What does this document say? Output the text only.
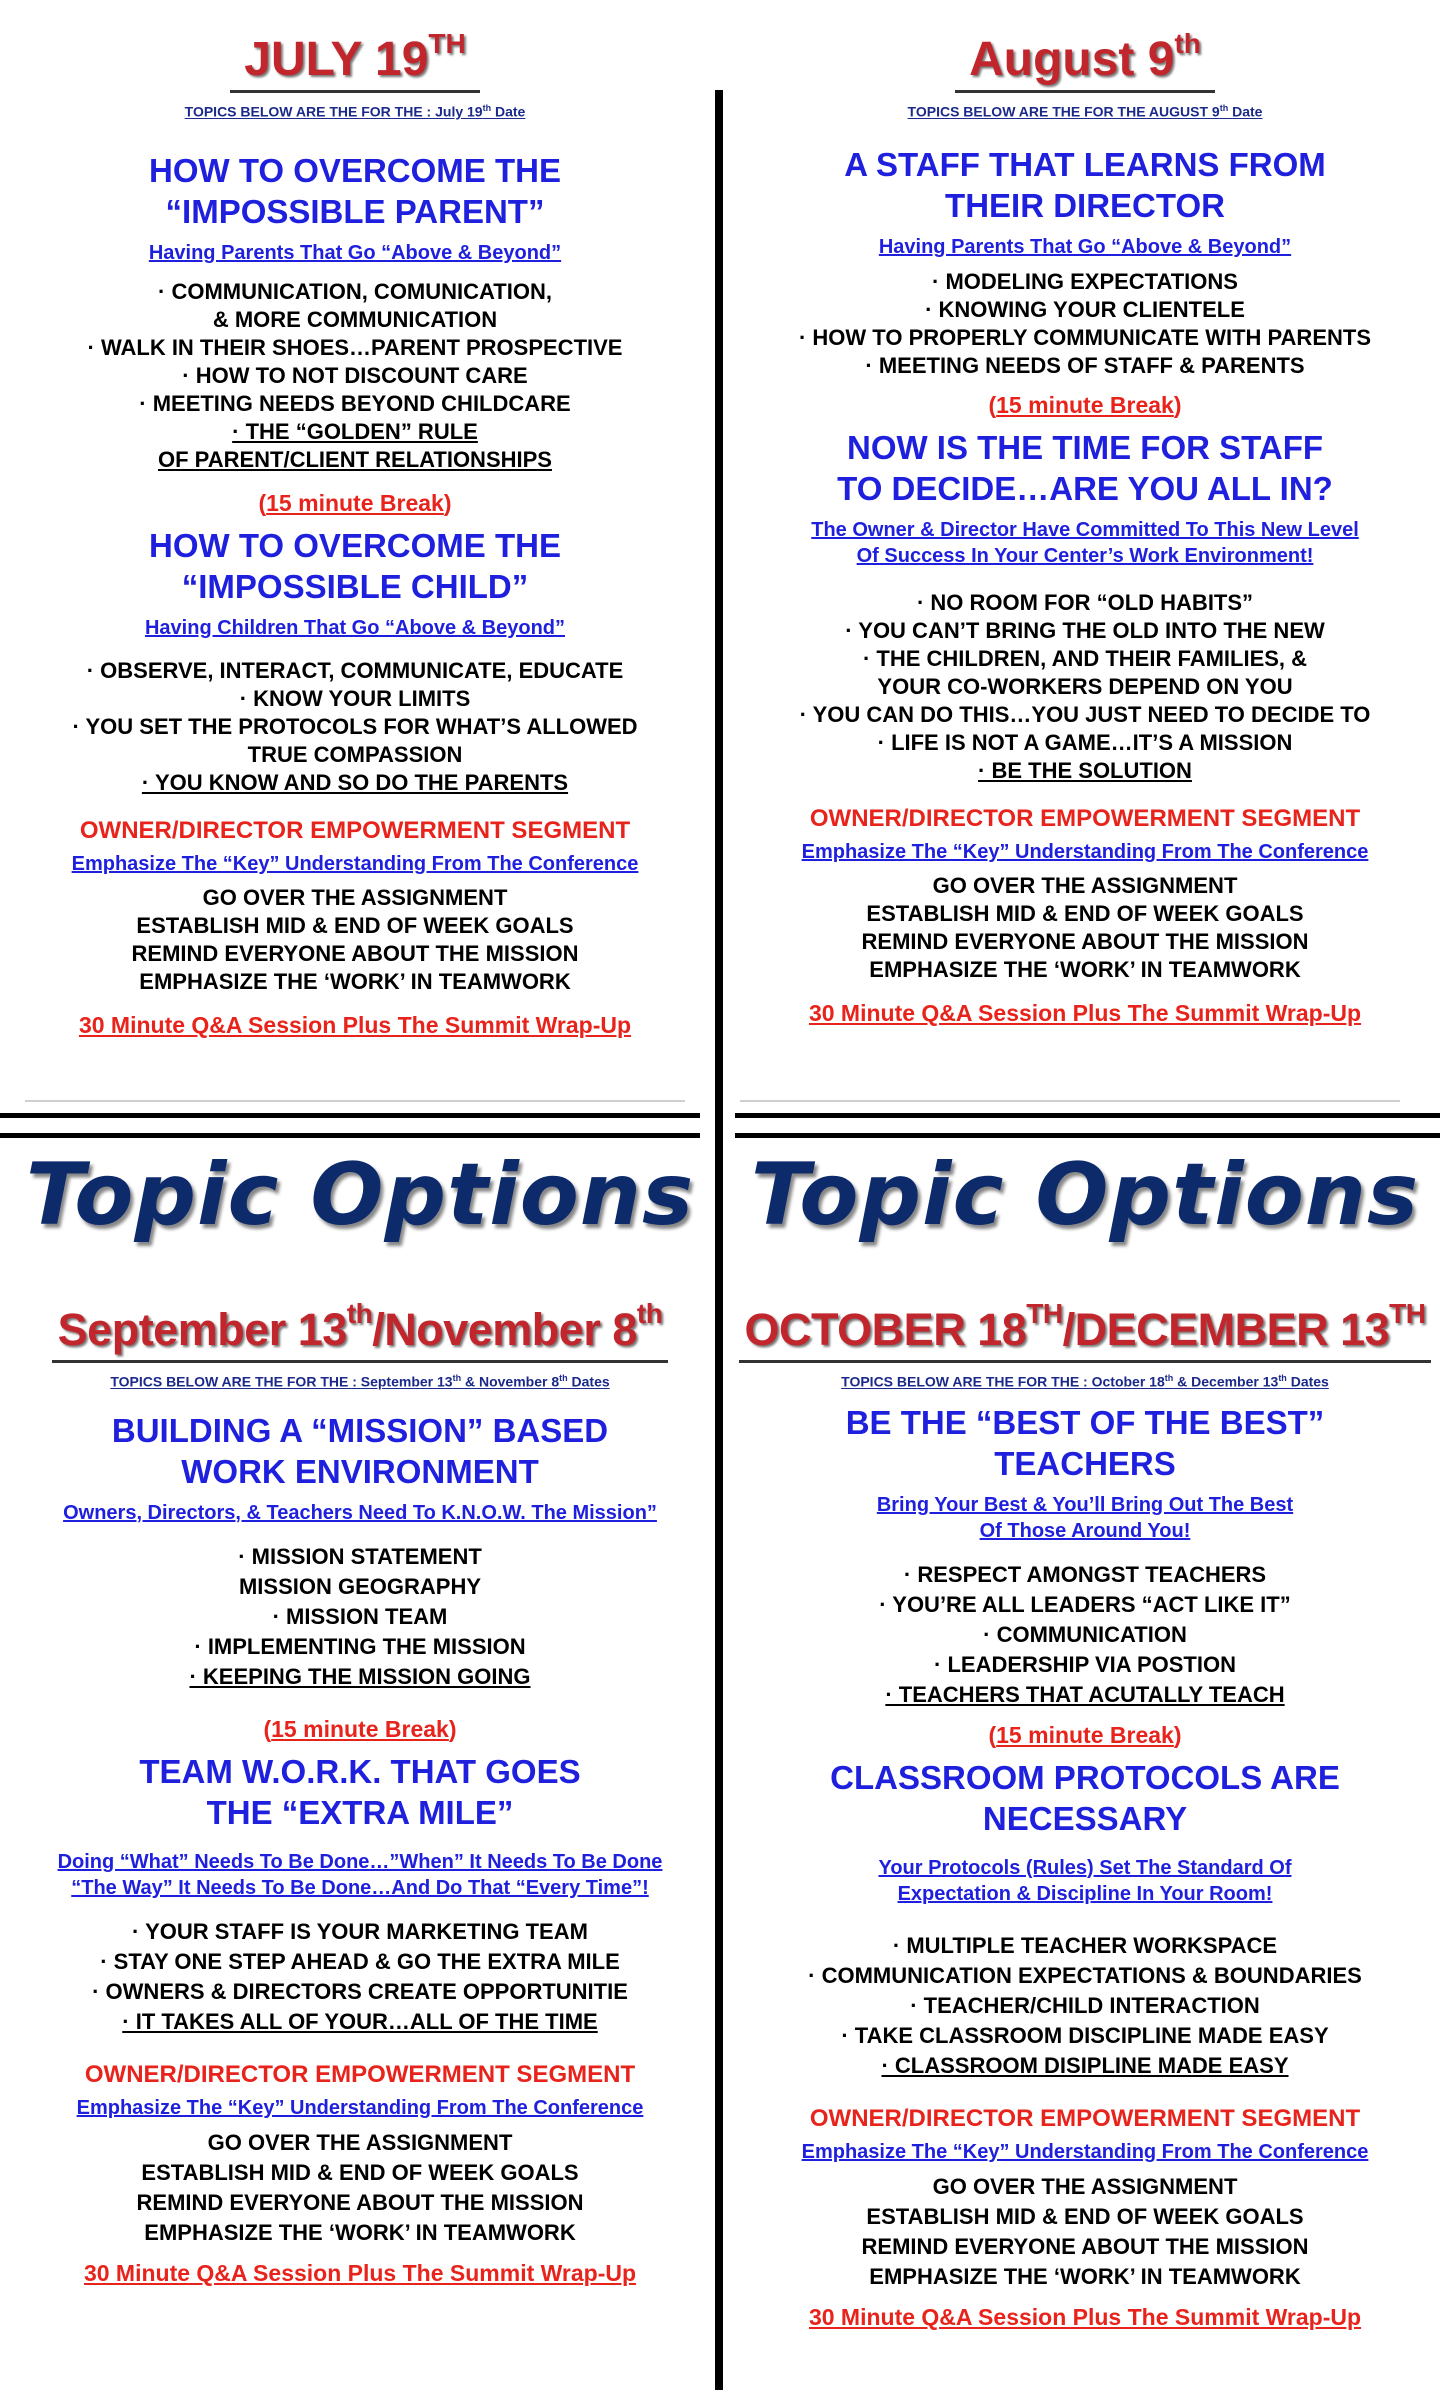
Topic Options Topic Options
JULY 19TH
TOPICS BELOW ARE THE FOR THE : July 19th Date
HOW TO OVERCOME THE
“IMPOSSIBLE PARENT”
Having Parents That Go “Above & Beyond”
· COMMUNICATION, COMUNICATION,
& MORE COMMUNICATION
· WALK IN THEIR SHOES…PARENT PROSPECTIVE
· HOW TO NOT DISCOUNT CARE
· MEETING NEEDS BEYOND CHILDCARE
· THE “GOLDEN” RULE
OF PARENT/CLIENT RELATIONSHIPS
(15 minute Break)
HOW TO OVERCOME THE
“IMPOSSIBLE CHILD”
Having Children That Go “Above & Beyond”
· OBSERVE, INTERACT, COMMUNICATE, EDUCATE
· KNOW YOUR LIMITS
· YOU SET THE PROTOCOLS FOR WHAT’S ALLOWED
TRUE COMPASSION
· YOU KNOW AND SO DO THE PARENTS
OWNER/DIRECTOR EMPOWERMENT SEGMENT
Emphasize The “Key” Understanding From The Conference
GO OVER THE ASSIGNMENT
ESTABLISH MID & END OF WEEK GOALS
REMIND EVERYONE ABOUT THE MISSION
EMPHASIZE THE ‘WORK’ IN TEAMWORK
30 Minute Q&A Session Plus The Summit Wrap-Up
August 9th
TOPICS BELOW ARE THE FOR THE AUGUST 9th Date
A STAFF THAT LEARNS FROM
THEIR DIRECTOR
Having Parents That Go “Above & Beyond”
· MODELING EXPECTATIONS
· KNOWING YOUR CLIENTELE
· HOW TO PROPERLY COMMUNICATE WITH PARENTS
· MEETING NEEDS OF STAFF & PARENTS
(15 minute Break)
NOW IS THE TIME FOR STAFF
TO DECIDE…ARE YOU ALL IN?
The Owner & Director Have Committed To This New Level
Of Success In Your Center’s Work Environment!
· NO ROOM FOR “OLD HABITS”
· YOU CAN’T BRING THE OLD INTO THE NEW
· THE CHILDREN, AND THEIR FAMILIES, &
YOUR CO-WORKERS DEPEND ON YOU
· YOU CAN DO THIS…YOU JUST NEED TO DECIDE TO
· LIFE IS NOT A GAME…IT’S A MISSION
· BE THE SOLUTION
OWNER/DIRECTOR EMPOWERMENT SEGMENT
Emphasize The “Key” Understanding From The Conference
GO OVER THE ASSIGNMENT
ESTABLISH MID & END OF WEEK GOALS
REMIND EVERYONE ABOUT THE MISSION
EMPHASIZE THE ‘WORK’ IN TEAMWORK
30 Minute Q&A Session Plus The Summit Wrap-Up
September 13th/November 8th
TOPICS BELOW ARE THE FOR THE : September 13th & November 8th Dates
BUILDING A “MISSION” BASED
WORK ENVIRONMENT
Owners, Directors, & Teachers Need To K.N.O.W. The Mission”
· MISSION STATEMENT
MISSION GEOGRAPHY
· MISSION TEAM
· IMPLEMENTING THE MISSION
· KEEPING THE MISSION GOING
(15 minute Break)
TEAM W.O.R.K. THAT GOES
THE “EXTRA MILE”
Doing “What” Needs To Be Done…”When” It Needs To Be Done
“The Way” It Needs To Be Done…And Do That “Every Time”!
· YOUR STAFF IS YOUR MARKETING TEAM
· STAY ONE STEP AHEAD & GO THE EXTRA MILE
· OWNERS & DIRECTORS CREATE OPPORTUNITIE
· IT TAKES ALL OF YOUR…ALL OF THE TIME
OWNER/DIRECTOR EMPOWERMENT SEGMENT
Emphasize The “Key” Understanding From The Conference
GO OVER THE ASSIGNMENT
ESTABLISH MID & END OF WEEK GOALS
REMIND EVERYONE ABOUT THE MISSION
EMPHASIZE THE ‘WORK’ IN TEAMWORK
30 Minute Q&A Session Plus The Summit Wrap-Up
OCTOBER 18TH/DECEMBER 13TH
TOPICS BELOW ARE THE FOR THE : October 18th & December 13th Dates
BE THE “BEST OF THE BEST”
TEACHERS
Bring Your Best & You’ll Bring Out The Best
Of Those Around You!
· RESPECT AMONGST TEACHERS
· YOU’RE ALL LEADERS “ACT LIKE IT”
· COMMUNICATION
· LEADERSHIP VIA POSTION
· TEACHERS THAT ACUTALLY TEACH
(15 minute Break)
CLASSROOM PROTOCOLS ARE
NECESSARY
Your Protocols (Rules) Set The Standard Of
Expectation & Discipline In Your Room!
· MULTIPLE TEACHER WORKSPACE
· COMMUNICATION EXPECTATIONS & BOUNDARIES
· TEACHER/CHILD INTERACTION
· TAKE CLASSROOM DISCIPLINE MADE EASY
· CLASSROOM DISIPLINE MADE EASY
OWNER/DIRECTOR EMPOWERMENT SEGMENT
Emphasize The “Key” Understanding From The Conference
GO OVER THE ASSIGNMENT
ESTABLISH MID & END OF WEEK GOALS
REMIND EVERYONE ABOUT THE MISSION
EMPHASIZE THE ‘WORK’ IN TEAMWORK
30 Minute Q&A Session Plus The Summit Wrap-Up
